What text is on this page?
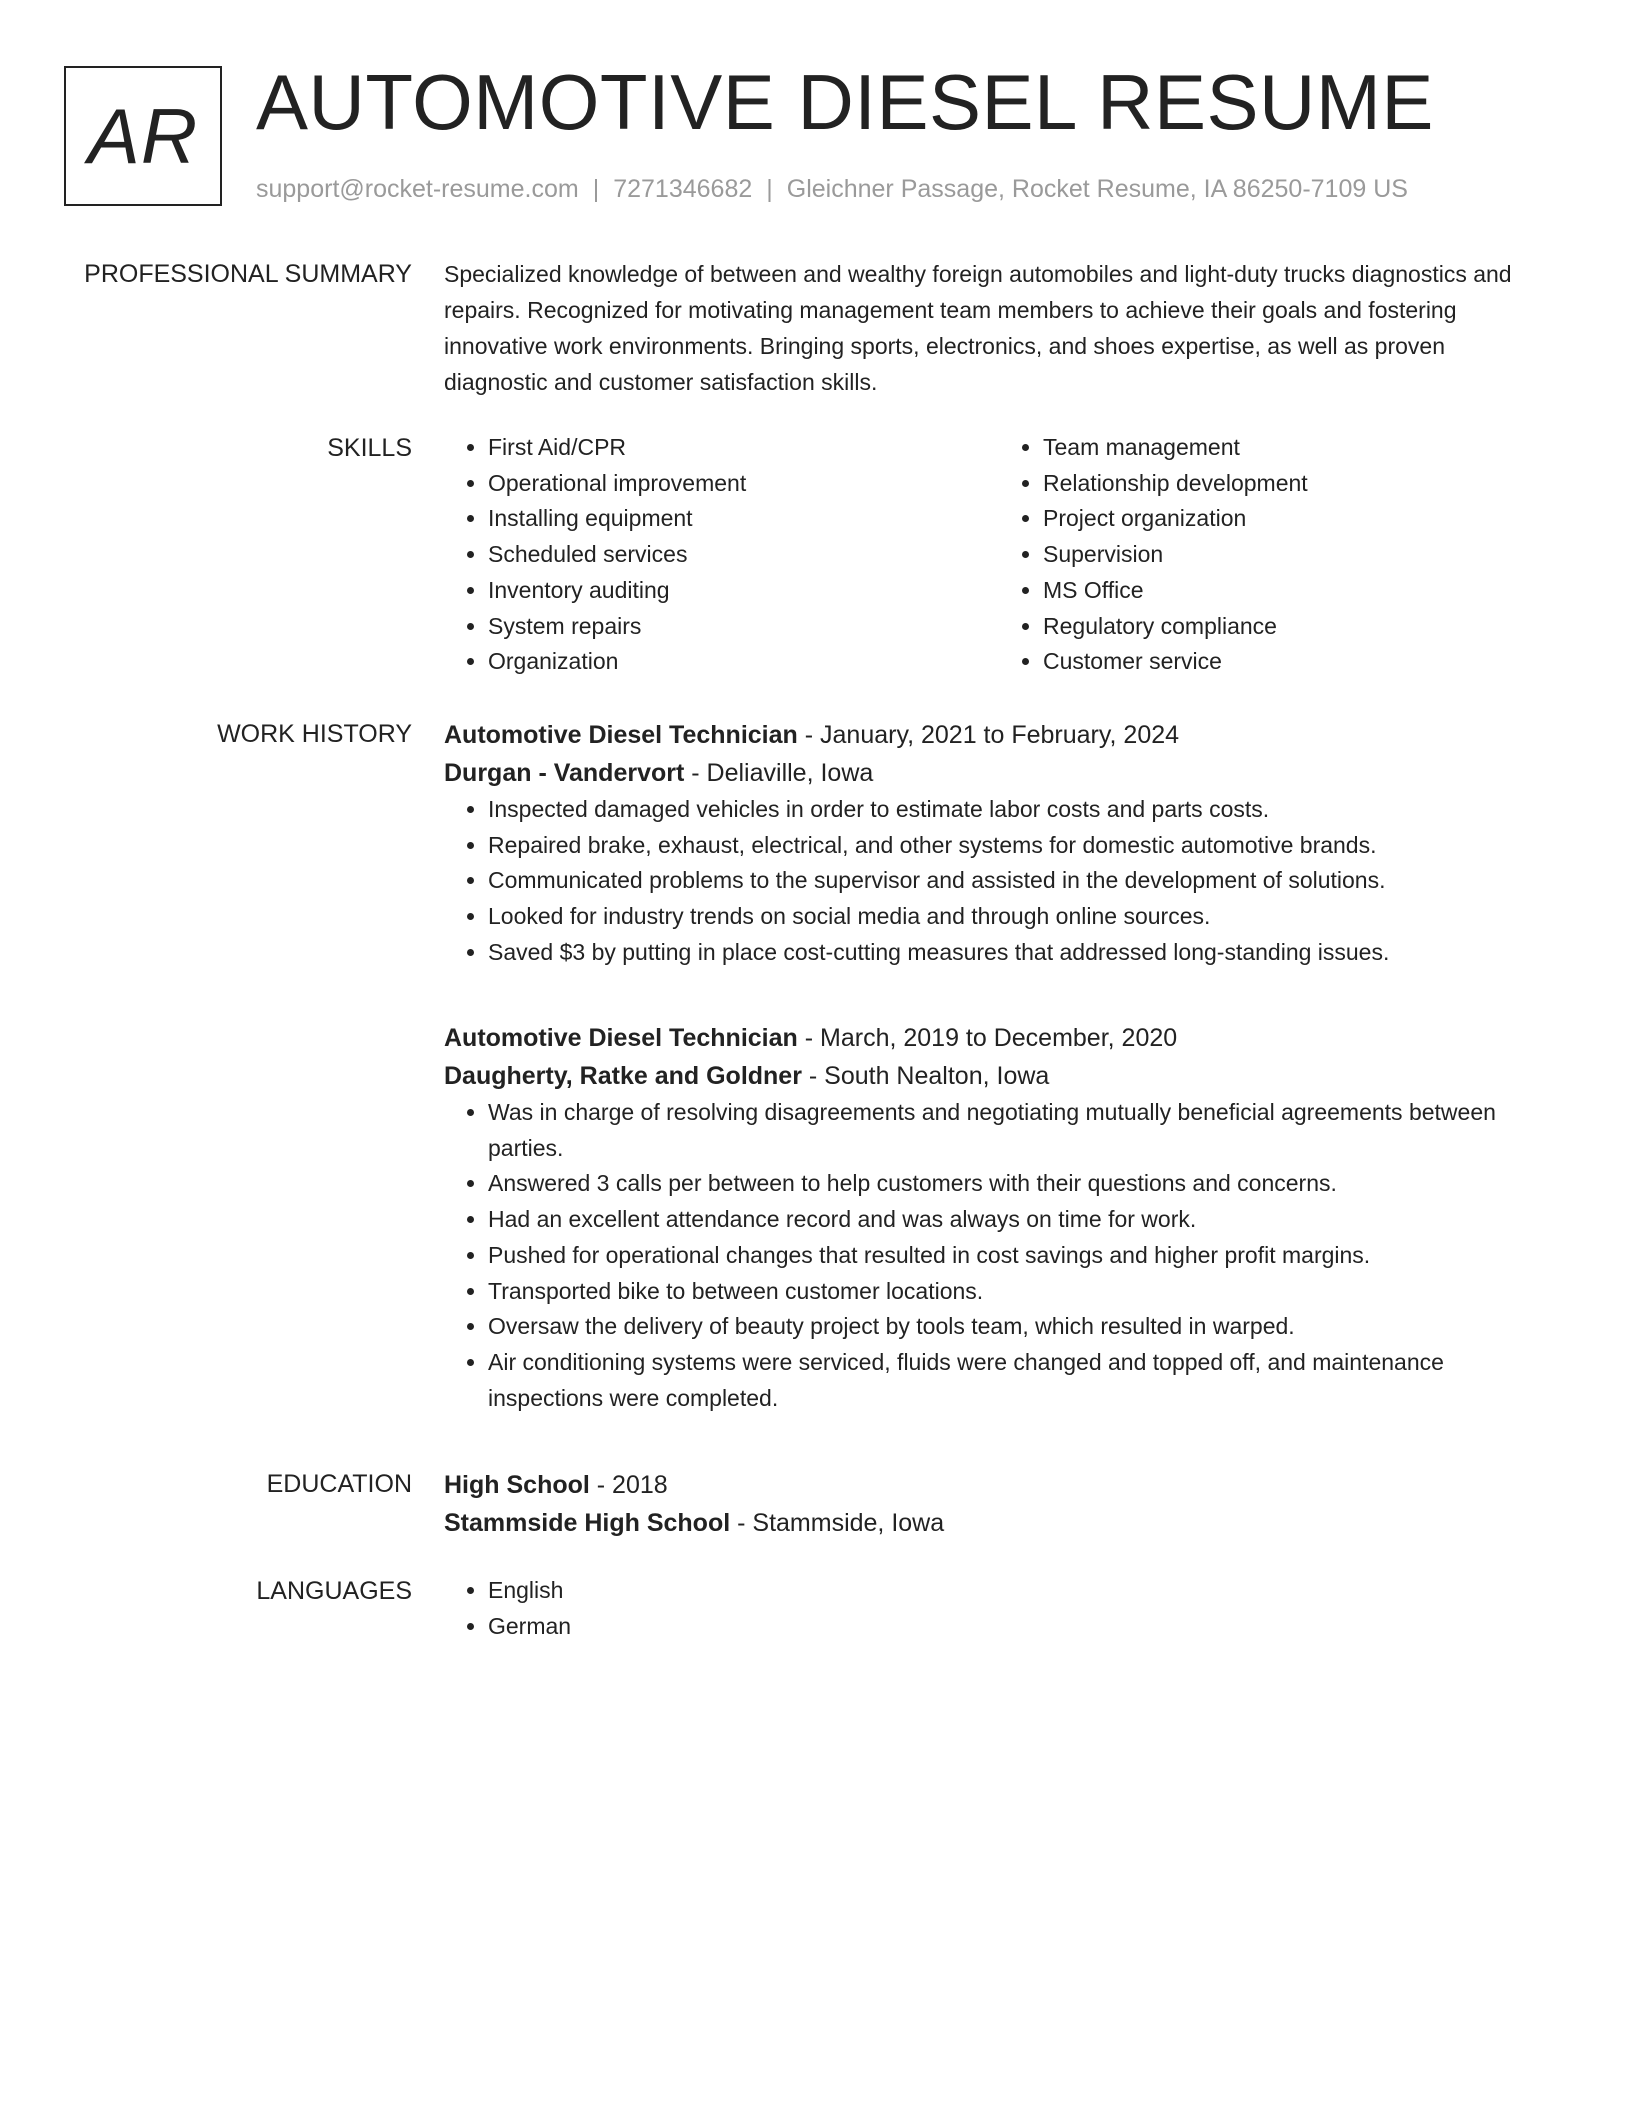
AR AUTOMOTIVE DIESEL RESUME
support@rocket-resume.com | 7271346682 | Gleichner Passage, Rocket Resume, IA 86250-7109 US
PROFESSIONAL SUMMARY Specialized knowledge of between and wealthy foreign automobiles and light-duty trucks diagnostics and repairs. Recognized for motivating management team members to achieve their goals and fostering innovative work environments. Bringing sports, electronics, and shoes expertise, as well as proven diagnostic and customer satisfaction skills.

SKILLS	• First Aid/CPR
• Operational improvement
• Installing equipment
• Scheduled services
• Inventory auditing
• System repairs
• Organization
• Team management
• Relationship development
• Project organization
• Supervision
• MS Office
• Regulatory compliance
• Customer service
WORK HISTORY Automotive Diesel Technician - January, 2021 to February, 2024
Durgan - Vandervort - Deliaville, Iowa
• Inspected damaged vehicles in order to estimate labor costs and parts costs.
• Repaired brake, exhaust, electrical, and other systems for domestic automotive brands.
• Communicated problems to the supervisor and assisted in the development of solutions.
• Looked for industry trends on social media and through online sources.
• Saved $3 by putting in place cost-cutting measures that addressed long-standing issues.
Automotive Diesel Technician - March, 2019 to December, 2020
Daugherty, Ratke and Goldner - South Nealton, Iowa
• Was in charge of resolving disagreements and negotiating mutually beneficial agreements between parties.
• Answered 3 calls per between to help customers with their questions and concerns.
• Had an excellent attendance record and was always on time for work.
• Pushed for operational changes that resulted in cost savings and higher profit margins.
• Transported bike to between customer locations.
• Oversaw the delivery of beauty project by tools team, which resulted in warped.
• Air conditioning systems were serviced, fluids were changed and topped off, and maintenance inspections were completed.
EDUCATION High School - 2018
Stammside High School - Stammside, Iowa
LANGUAGES	• English
• German
